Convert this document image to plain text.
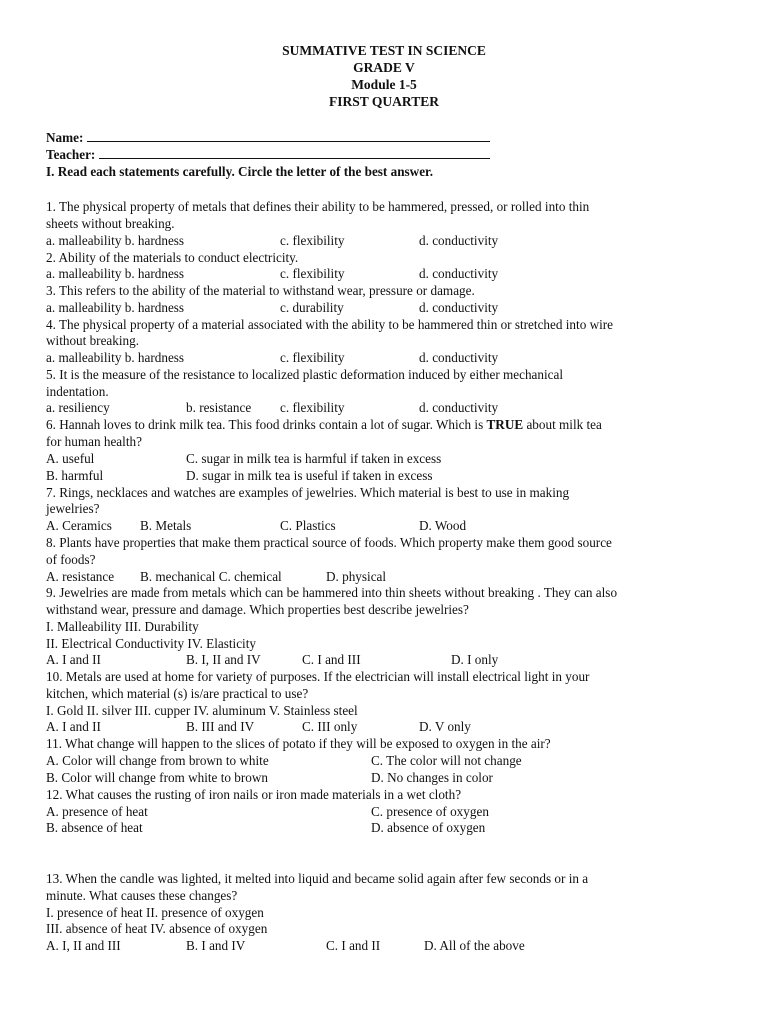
SUMMATIVE TEST IN SCIENCE
GRADE V
Module 1-5
FIRST QUARTER
Name:
Teacher:
I. Read each statements carefully. Circle the letter of the best answer.
1. The physical property of metals that defines their ability to be hammered, pressed, or rolled into thin
sheets without breaking.
a. malleability b. hardness	c. flexibility	d. conductivity
2. Ability of the materials to conduct electricity.
a. malleability b. hardness	c. flexibility	d. conductivity
3. This refers to the ability of the material to withstand wear, pressure or damage.
a. malleability b. hardness	c. durability	d. conductivity
4. The physical property of a material associated with the ability to be hammered thin or stretched into wire
without breaking.
a. malleability b. hardness	c. flexibility	d. conductivity
5. It is the measure of the resistance to localized plastic deformation induced by either mechanical
indentation.
a. resiliency	b. resistance c. flexibility	d. conductivity
6. Hannah loves to drink milk tea. This food drinks contain a lot of sugar. Which is TRUE about milk tea
for human health?
A. useful	C. sugar in milk tea is harmful if taken in excess
B. harmful	D. sugar in milk tea is useful if taken in excess
7. Rings, necklaces and watches are examples of jewelries. Which material is best to use in making
jewelries?
A. Ceramics B. Metals	C. Plastics	D. Wood
8. Plants have properties that make them practical source of foods. Which property make them good source
of foods?
A. resistance B. mechanical C. chemical	D. physical
9. Jewelries are made from metals which can be hammered into thin sheets without breaking . They can also
withstand wear, pressure and damage. Which properties best describe jewelries?
I. Malleability III. Durability
II. Electrical Conductivity IV. Elasticity
A. I and II	B. I, II and IV	C. I and III	D. I only
10. Metals are used at home for variety of purposes. If the electrician will install electrical light in your
kitchen, which material (s) is/are practical to use?
I. Gold II. silver III. cupper IV. aluminum V. Stainless steel
A. I and II	B. III and IV	C. III only	D. V only
11. What change will happen to the slices of potato if they will be exposed to oxygen in the air?
A. Color will change from brown to white	C. The color will not change
B. Color will change from white to brown	D. No changes in color
12. What causes the rusting of iron nails or iron made materials in a wet cloth?
A. presence of heat	C. presence of oxygen
B. absence of heat	D. absence of oxygen
13. When the candle was lighted, it melted into liquid and became solid again after few seconds or in a
minute. What causes these changes?
I. presence of heat II. presence of oxygen
III. absence of heat IV. absence of oxygen
A. I, II and III	B. I and IV	C. I and II	D. All of the above
